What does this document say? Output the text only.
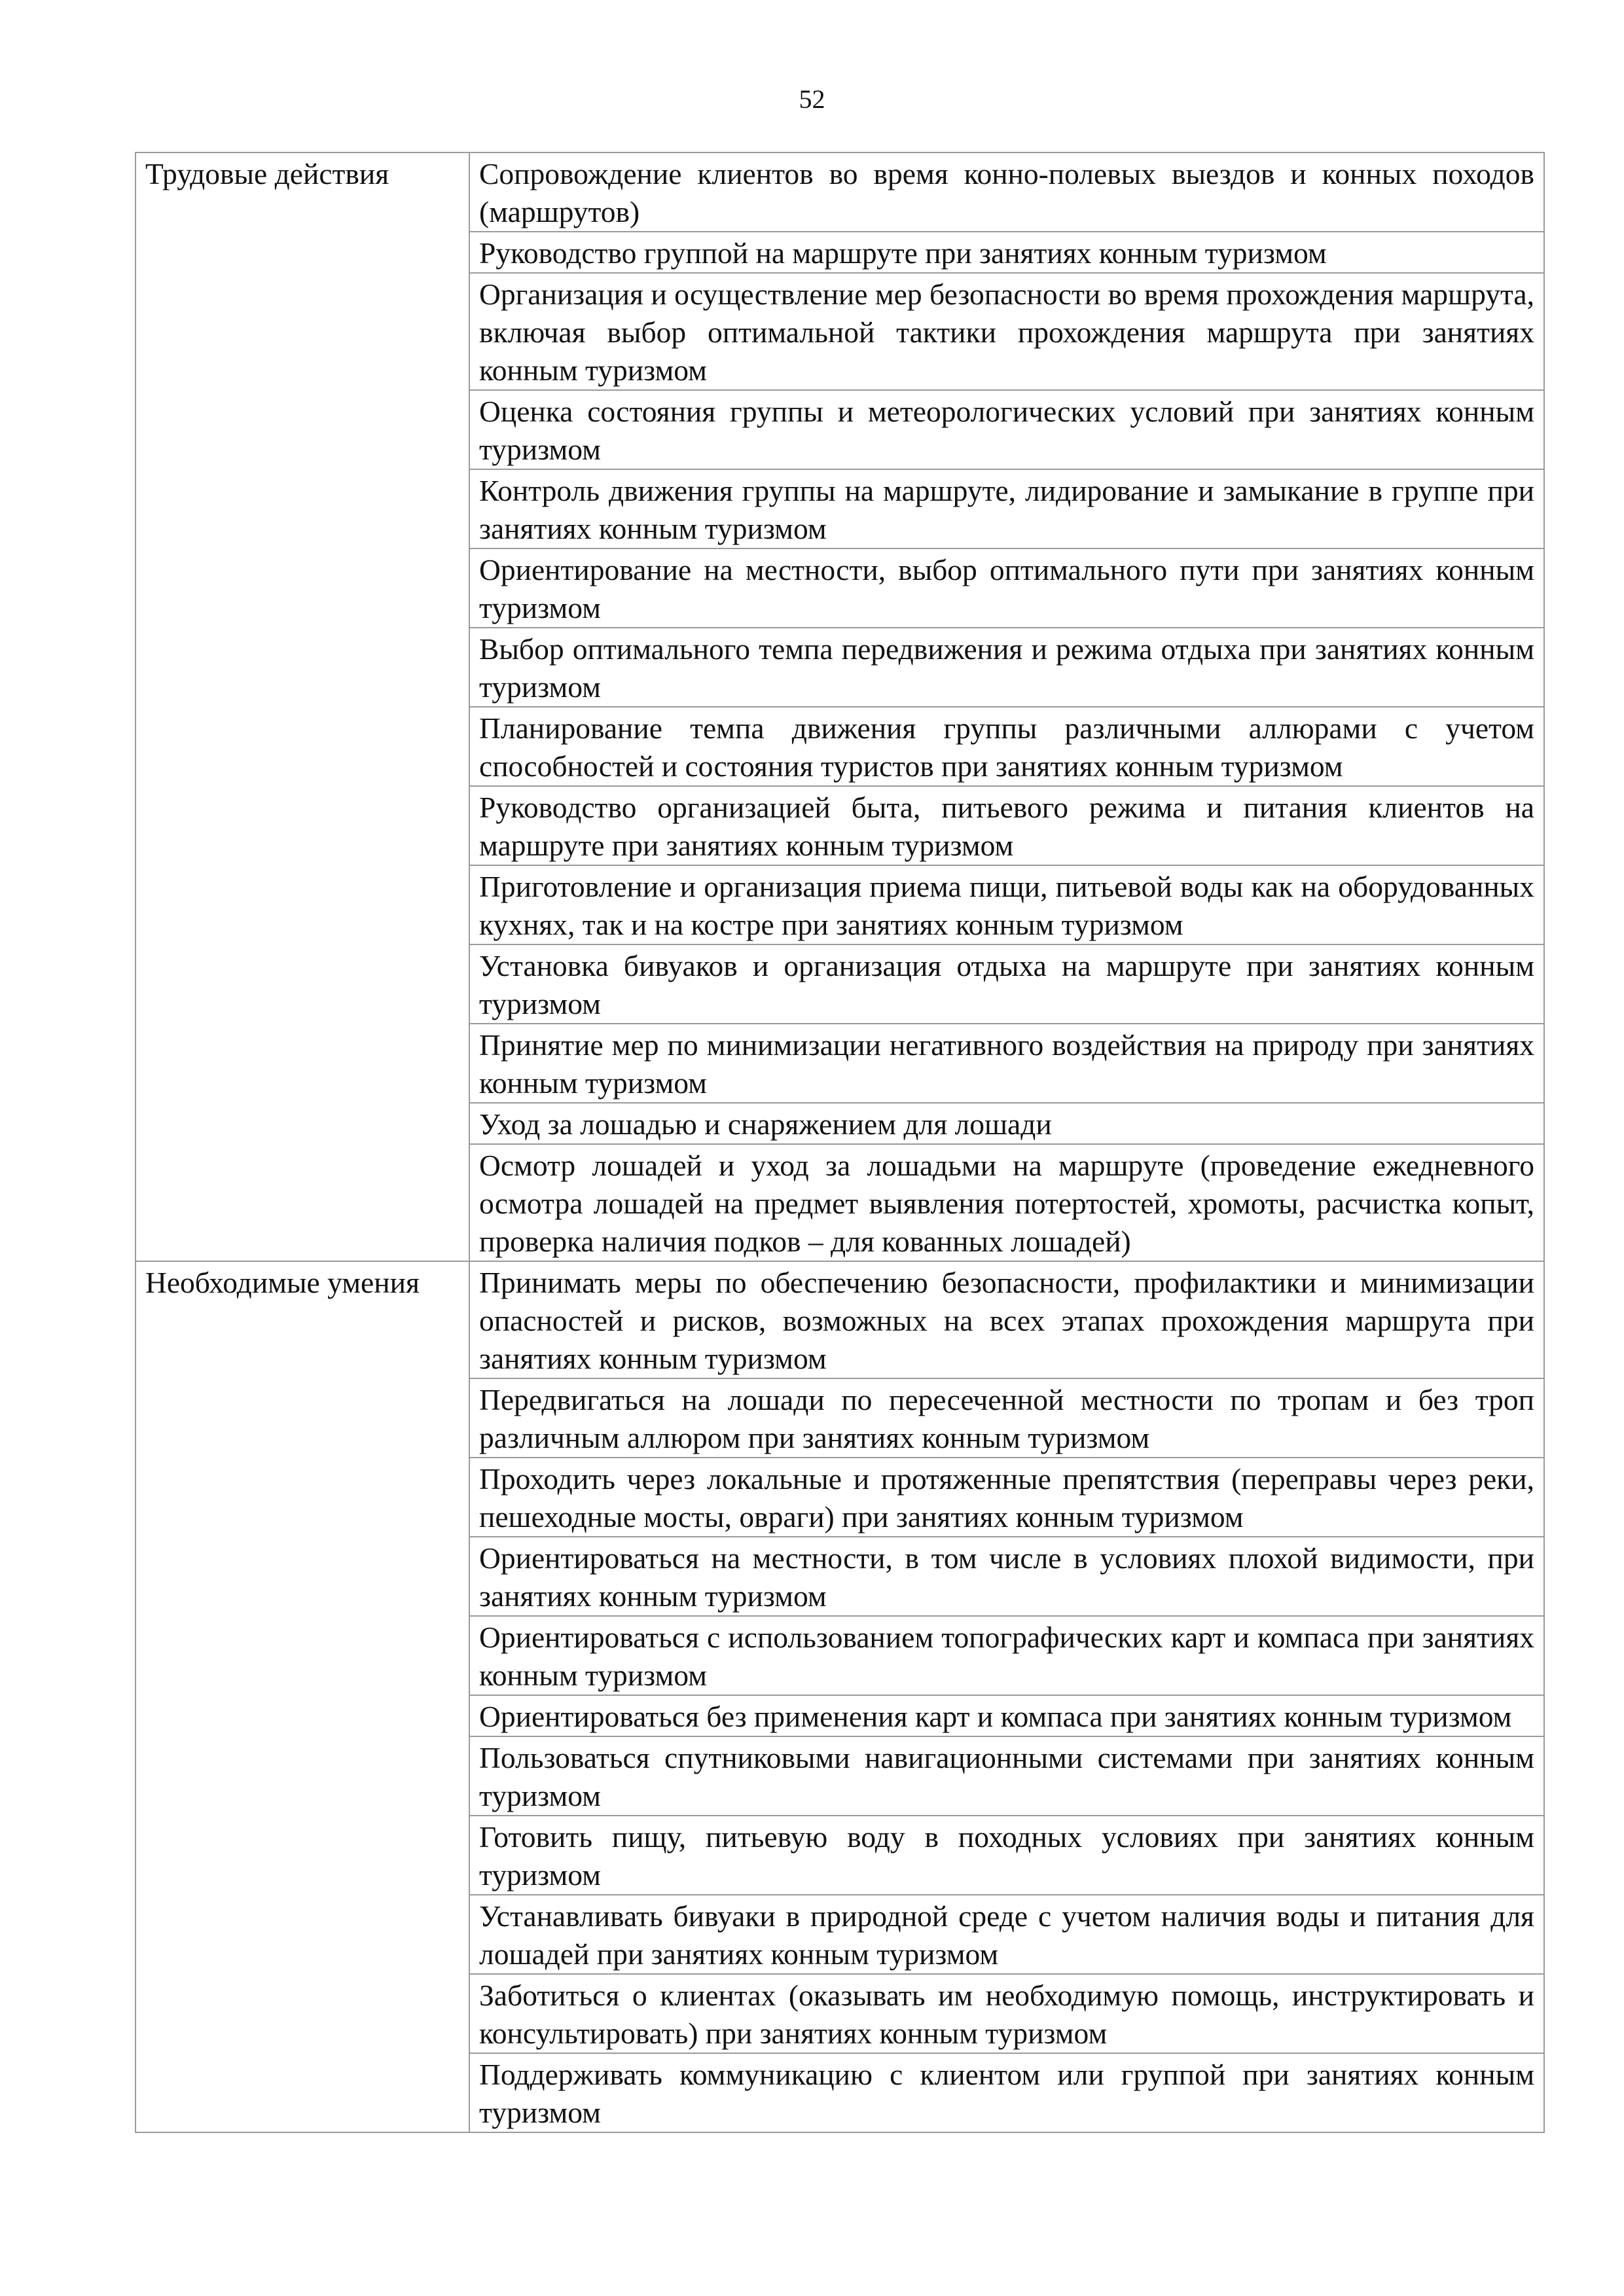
52
Трудовые действия	Сопровождение клиентов во время конно-полевых выездов и конных походов (маршрутов)
	Руководство группой на маршруте при занятиях конным туризмом
	Организация и осуществление мер безопасности во время прохождения маршрута, включая выбор оптимальной тактики прохождения маршрута при занятиях конным туризмом
	Оценка состояния группы и метеорологических условий при занятиях конным туризмом
	Контроль движения группы на маршруте, лидирование и замыкание в группе при занятиях конным туризмом
	Ориентирование на местности, выбор оптимального пути при занятиях конным туризмом
	Выбор оптимального темпа передвижения и режима отдыха при занятиях конным туризмом
	Планирование темпа движения группы различными аллюрами с учетом способностей и состояния туристов при занятиях конным туризмом
	Руководство организацией быта, питьевого режима и питания клиентов на маршруте при занятиях конным туризмом
	Приготовление и организация приема пищи, питьевой воды как на оборудованных кухнях, так и на костре при занятиях конным туризмом
	Установка бивуаков и организация отдыха на маршруте при занятиях конным туризмом
	Принятие мер по минимизации негативного воздействия на природу при занятиях конным туризмом
	Уход за лошадью и снаряжением для лошади
	Осмотр лошадей и уход за лошадьми на маршруте (проведение ежедневного осмотра лошадей на предмет выявления потертостей, хромоты, расчистка копыт, проверка наличия подков – для кованных лошадей)
Необходимые умения	Принимать меры по обеспечению безопасности, профилактики и минимизации опасностей и рисков, возможных на всех этапах прохождения маршрута при занятиях конным туризмом
	Передвигаться на лошади по пересеченной местности по тропам и без троп различным аллюром при занятиях конным туризмом
	Проходить через локальные и протяженные препятствия (переправы через реки, пешеходные мосты, овраги) при занятиях конным туризмом
	Ориентироваться на местности, в том числе в условиях плохой видимости, при занятиях конным туризмом
	Ориентироваться с использованием топографических карт и компаса при занятиях конным туризмом
	Ориентироваться без применения карт и компаса при занятиях конным туризмом
	Пользоваться спутниковыми навигационными системами при занятиях конным туризмом
	Готовить пищу, питьевую воду в походных условиях при занятиях конным туризмом
	Устанавливать бивуаки в природной среде с учетом наличия воды и питания для лошадей при занятиях конным туризмом
	Заботиться о клиентах (оказывать им необходимую помощь, инструктировать и консультировать) при занятиях конным туризмом
	Поддерживать коммуникацию с клиентом или группой при занятиях конным туризмом
